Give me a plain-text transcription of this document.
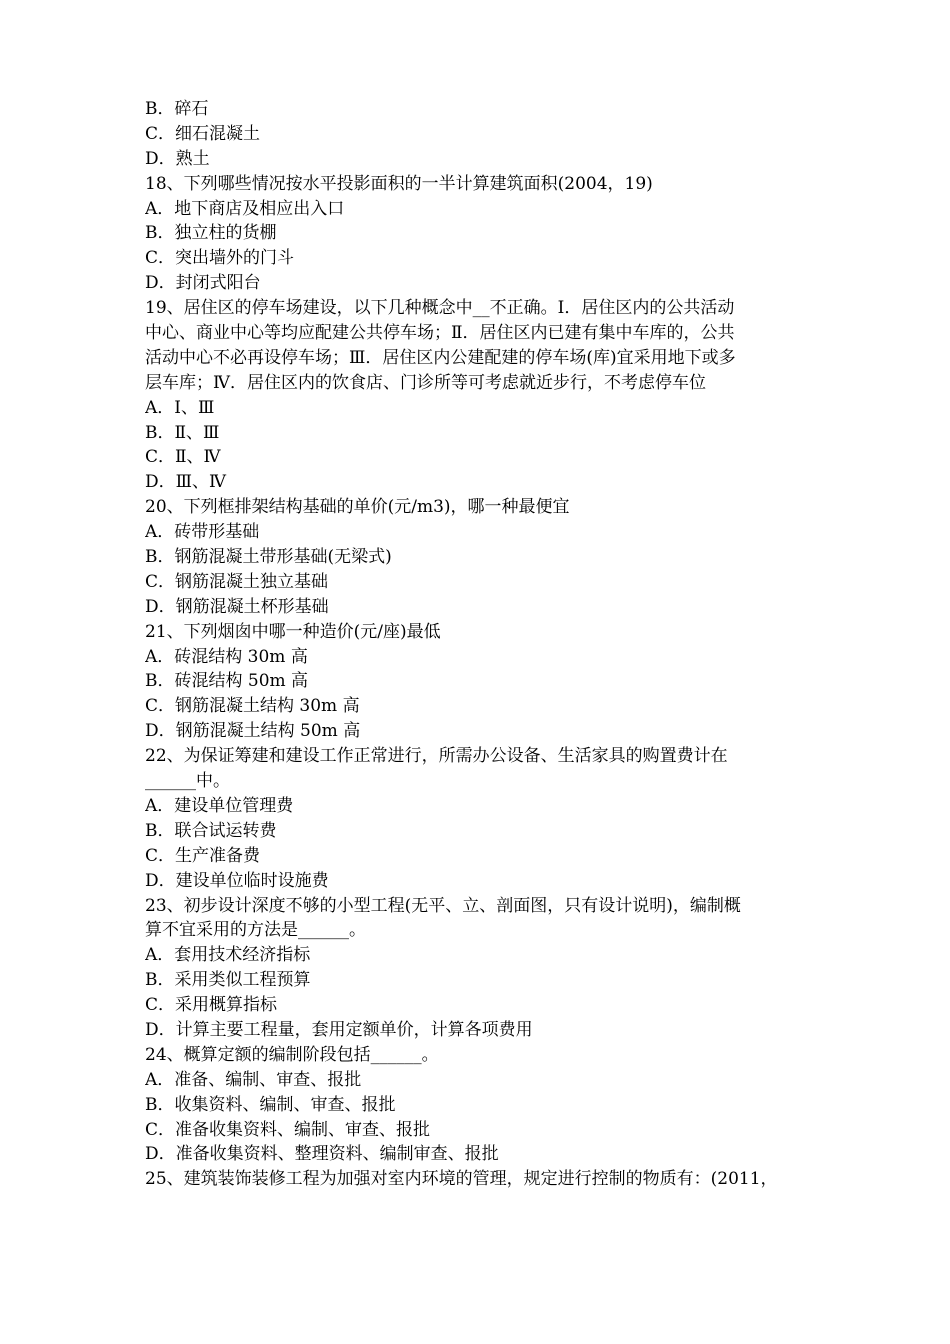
B．碎石
C．细石混凝土
D．熟土
18、下列哪些情况按水平投影面积的一半计算建筑面积(2004，19)
A．地下商店及相应出入口
B．独立柱的货棚
C．突出墙外的门斗
D．封闭式阳台
19、居住区的停车场建设，以下几种概念中__不正确。Ⅰ．居住区内的公共活动
中心、商业中心等均应配建公共停车场；Ⅱ．居住区内已建有集中车库的，公共
活动中心不必再设停车场；Ⅲ．居住区内公建配建的停车场(库)宜采用地下或多
层车库；Ⅳ．居住区内的饮食店、门诊所等可考虑就近步行，不考虑停车位
A．Ⅰ、Ⅲ
B．Ⅱ、Ⅲ
C．Ⅱ、Ⅳ
D．Ⅲ、Ⅳ
20、下列框排架结构基础的单价(元/m3)，哪一种最便宜
A．砖带形基础
B．钢筋混凝土带形基础(无梁式)
C．钢筋混凝土独立基础
D．钢筋混凝土杯形基础
21、下列烟囱中哪一种造价(元/座)最低
A．砖混结构 30m 高
B．砖混结构 50m 高
C．钢筋混凝土结构 30m 高
D．钢筋混凝土结构 50m 高
22、为保证筹建和建设工作正常进行，所需办公设备、生活家具的购置费计在
______中。
A．建设单位管理费
B．联合试运转费
C．生产准备费
D．建设单位临时设施费
23、初步设计深度不够的小型工程(无平、立、剖面图，只有设计说明)，编制概
算不宜采用的方法是______。
A．套用技术经济指标
B．采用类似工程预算
C．采用概算指标
D．计算主要工程量，套用定额单价，计算各项费用
24、概算定额的编制阶段包括______。
A．准备、编制、审查、报批
B．收集资料、编制、审查、报批
C．准备收集资料、编制、审查、报批
D．准备收集资料、整理资料、编制审查、报批
25、建筑装饰装修工程为加强对室内环境的管理，规定进行控制的物质有：(2011，
